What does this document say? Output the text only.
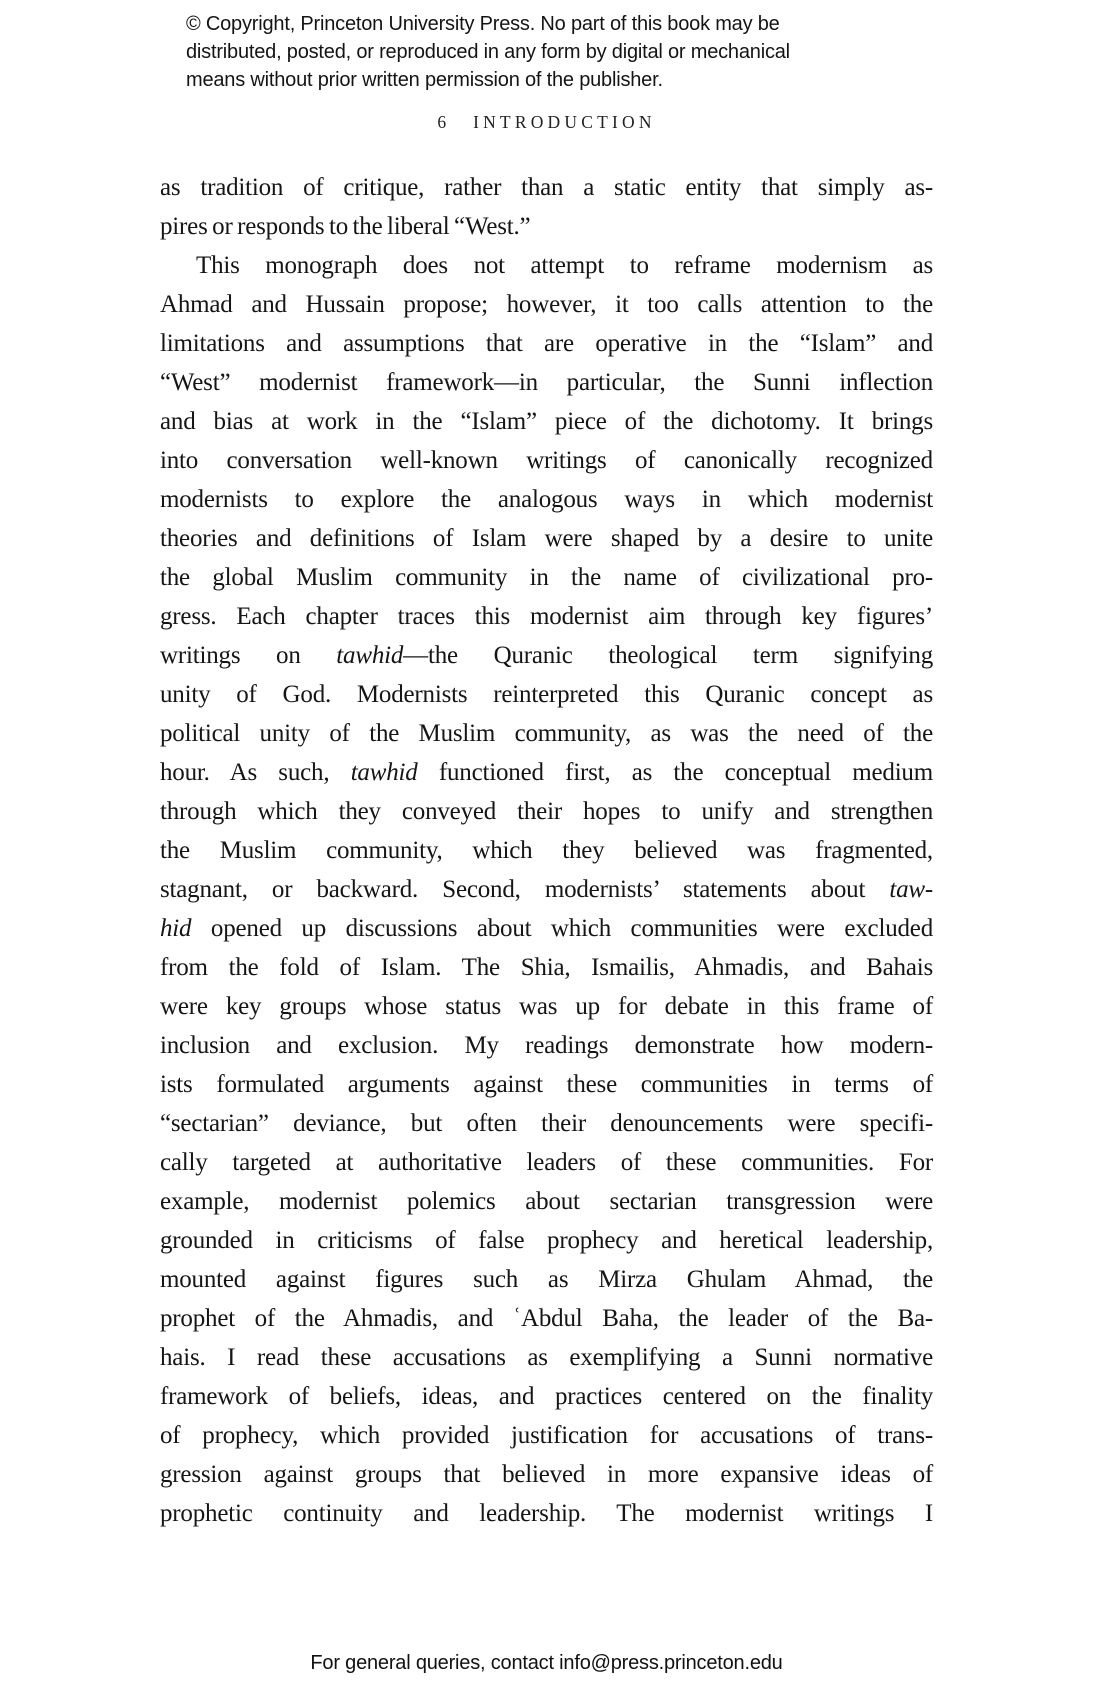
© Copyright, Princeton University Press. No part of this book may be
distributed, posted, or reproduced in any form by digital or mechanical
means without prior written permission of the publisher.
6 INTRODUCTION
as tradition of critique, rather than a static entity that simply as-
pires or responds to the liberal “West.”
This monograph does not attempt to reframe modernism as
Ahmad and Hussain propose; however, it too calls attention to the
limitations and assumptions that are operative in the “Islam” and
“West” modernist framework—in particular, the Sunni inflection
and bias at work in the “Islam” piece of the dichotomy. It brings
into conversation well-known writings of canonically recognized
modernists to explore the analogous ways in which modernist
theories and definitions of Islam were shaped by a desire to unite
the global Muslim community in the name of civilizational pro-
gress. Each chapter traces this modernist aim through key figures’
writings on tawhid—the Quranic theological term signifying
unity of God. Modernists reinterpreted this Quranic concept as
political unity of the Muslim community, as was the need of the
hour. As such, tawhid functioned first, as the conceptual medium
through which they conveyed their hopes to unify and strengthen
the Muslim community, which they believed was fragmented,
stagnant, or backward. Second, modernists’ statements about taw-
hid opened up discussions about which communities were excluded
from the fold of Islam. The Shia, Ismailis, Ahmadis, and Bahais
were key groups whose status was up for debate in this frame of
inclusion and exclusion. My readings demonstrate how modern-
ists formulated arguments against these communities in terms of
“sectarian” deviance, but often their denouncements were specifi-
cally targeted at authoritative leaders of these communities. For
example, modernist polemics about sectarian transgression were
grounded in criticisms of false prophecy and heretical leadership,
mounted against figures such as Mirza Ghulam Ahmad, the
prophet of the Ahmadis, and ʿAbdul Baha, the leader of the Ba-
hais. I read these accusations as exemplifying a Sunni normative
framework of beliefs, ideas, and practices centered on the finality
of prophecy, which provided justification for accusations of trans-
gression against groups that believed in more expansive ideas of
prophetic continuity and leadership. The modernist writings I
For general queries, contact info@press.princeton.edu
